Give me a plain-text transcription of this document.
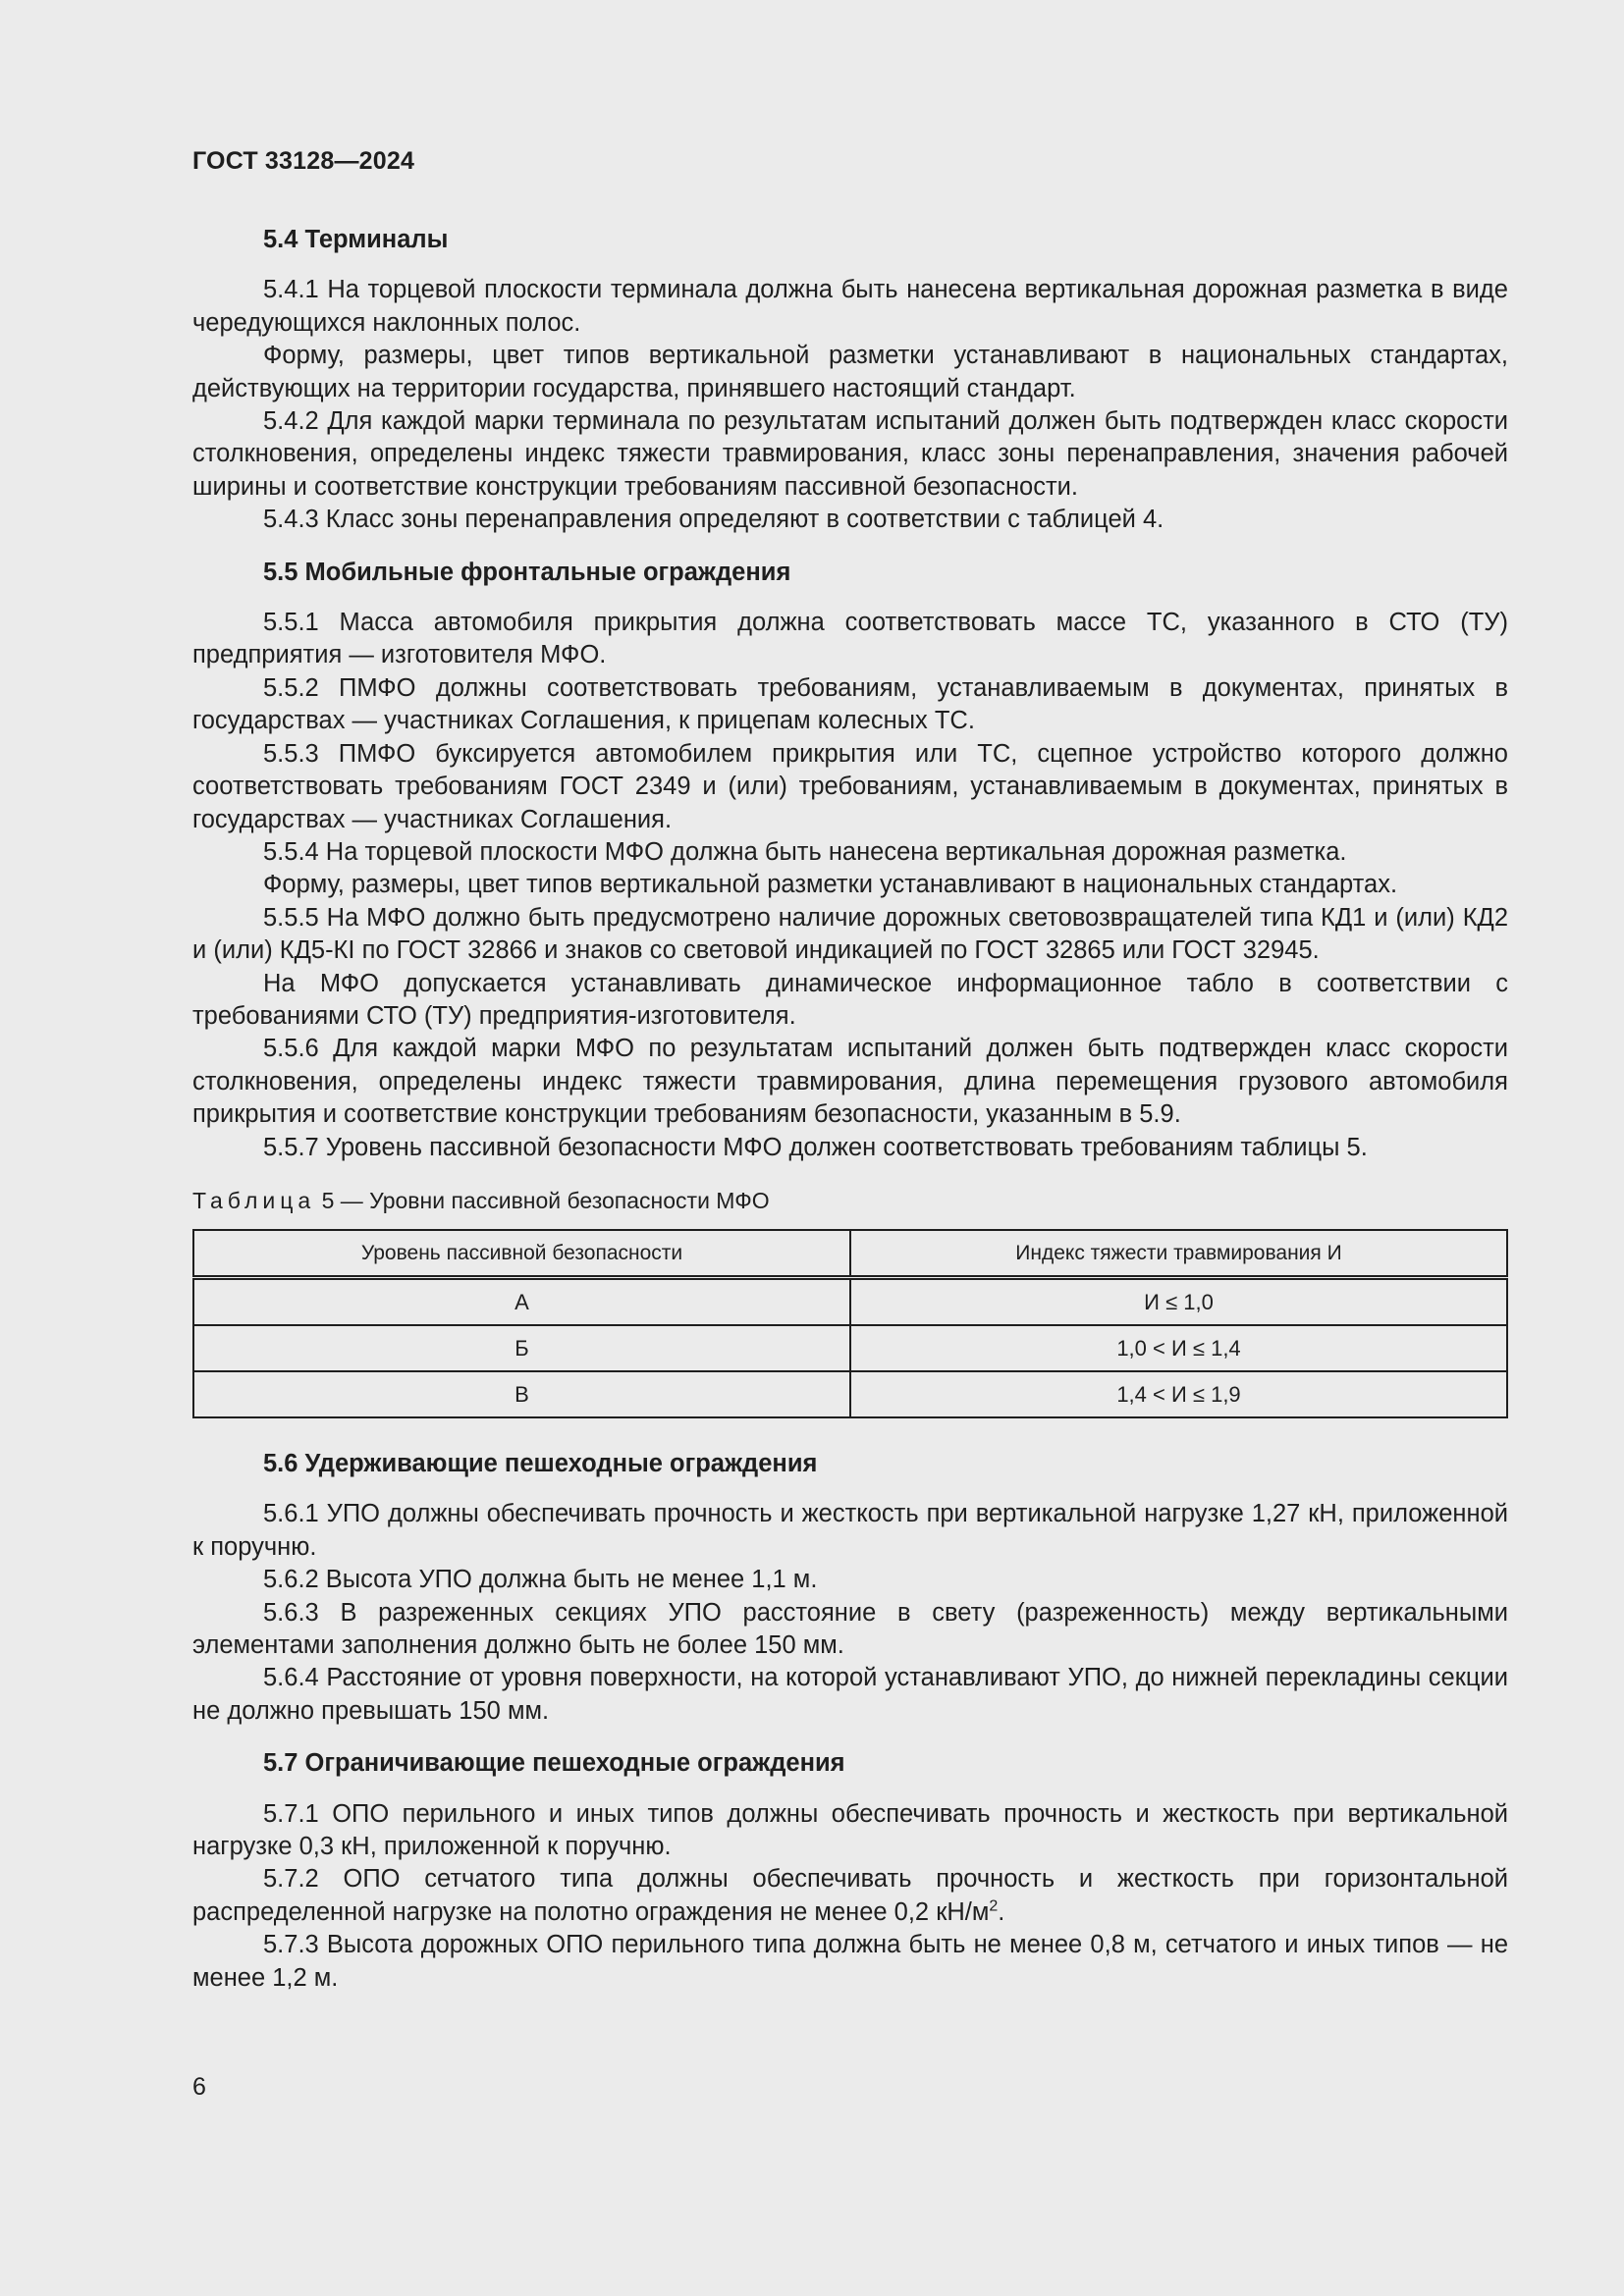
ГОСТ 33128—2024
5.4 Терминалы

5.4.1 На торцевой плоскости терминала должна быть нанесена вертикальная дорожная разметка в виде чередующихся наклонных полос.

Форму, размеры, цвет типов вертикальной разметки устанавливают в национальных стандартах, действующих на территории государства, принявшего настоящий стандарт.

5.4.2 Для каждой марки терминала по результатам испытаний должен быть подтвержден класс скорости столкновения, определены индекс тяжести травмирования, класс зоны перенаправления, значения рабочей ширины и соответствие конструкции требованиям пассивной безопасности.

5.4.3 Класс зоны перенаправления определяют в соответствии с таблицей 4.

5.5 Мобильные фронтальные ограждения

5.5.1 Масса автомобиля прикрытия должна соответствовать массе ТС, указанного в СТО (ТУ) предприятия — изготовителя МФО.

5.5.2 ПМФО должны соответствовать требованиям, устанавливаемым в документах, принятых в государствах — участниках Соглашения, к прицепам колесных ТС.

5.5.3 ПМФО буксируется автомобилем прикрытия или ТС, сцепное устройство которого должно соответствовать требованиям ГОСТ 2349 и (или) требованиям, устанавливаемым в документах, принятых в государствах — участниках Соглашения.

5.5.4 На торцевой плоскости МФО должна быть нанесена вертикальная дорожная разметка.

Форму, размеры, цвет типов вертикальной разметки устанавливают в национальных стандартах.

5.5.5 На МФО должно быть предусмотрено наличие дорожных световозвращателей типа КД1 и (или) КД2 и (или) КД5-КI по ГОСТ 32866 и знаков со световой индикацией по ГОСТ 32865 или ГОСТ 32945.

На МФО допускается устанавливать динамическое информационное табло в соответствии с требованиями СТО (ТУ) предприятия-изготовителя.

5.5.6 Для каждой марки МФО по результатам испытаний должен быть подтвержден класс скорости столкновения, определены индекс тяжести травмирования, длина перемещения грузового автомобиля прикрытия и соответствие конструкции требованиям безопасности, указанным в 5.9.

5.5.7 Уровень пассивной безопасности МФО должен соответствовать требованиям таблицы 5.

Таблица 5 — Уровни пассивной безопасности МФО
Уровень пассивной безопасности	Индекс тяжести травмирования И
А	И ≤ 1,0
Б	1,0 < И ≤ 1,4
В	1,4 < И ≤ 1,9
5.6 Удерживающие пешеходные ограждения

5.6.1 УПО должны обеспечивать прочность и жесткость при вертикальной нагрузке 1,27 кН, приложенной к поручню.

5.6.2 Высота УПО должна быть не менее 1,1 м.

5.6.3 В разреженных секциях УПО расстояние в свету (разреженность) между вертикальными элементами заполнения должно быть не более 150 мм.

5.6.4 Расстояние от уровня поверхности, на которой устанавливают УПО, до нижней перекладины секции не должно превышать 150 мм.

5.7 Ограничивающие пешеходные ограждения

5.7.1 ОПО перильного и иных типов должны обеспечивать прочность и жесткость при вертикальной нагрузке 0,3 кН, приложенной к поручню.

5.7.2 ОПО сетчатого типа должны обеспечивать прочность и жесткость при горизонтальной распределенной нагрузке на полотно ограждения не менее 0,2 $кН/м^2$.

5.7.3 Высота дорожных ОПО перильного типа должна быть не менее 0,8 м, сетчатого и иных типов — не менее 1,2 м.

6
